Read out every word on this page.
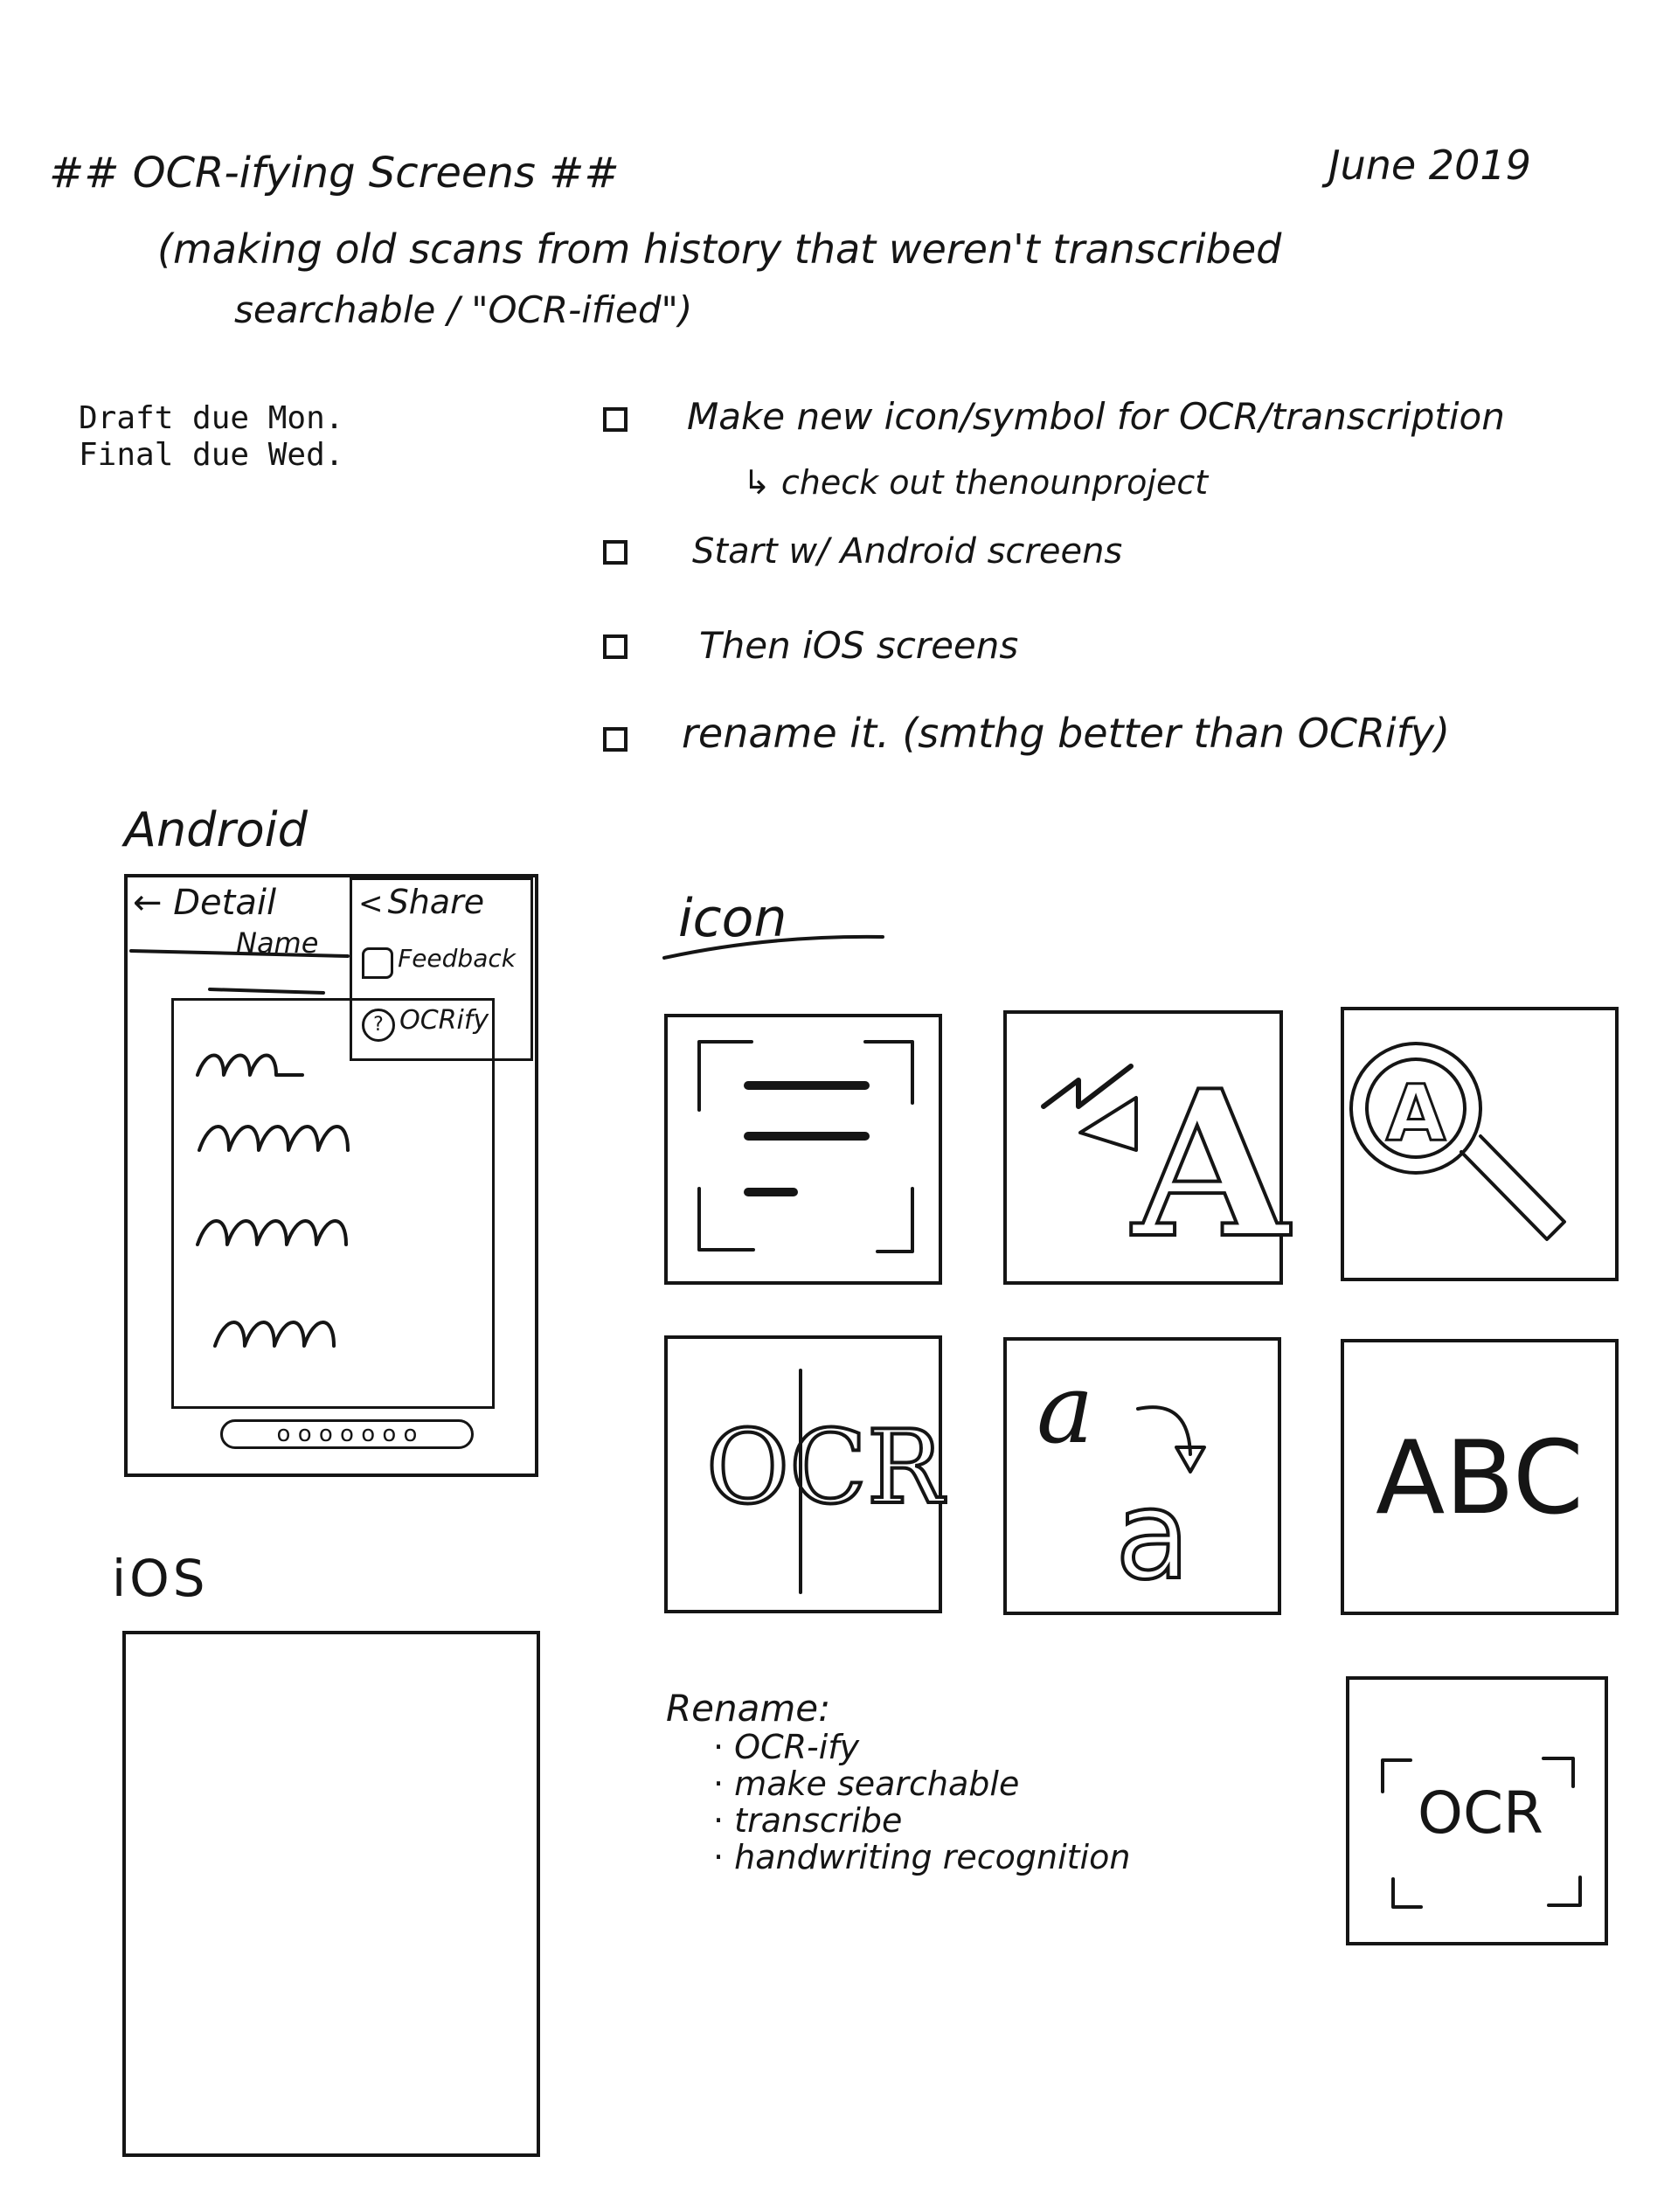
## OCR-ifying Screens ##	June 2019
(making old scans from history that weren't transcribed
searchable / "OCR-ified")
Draft due Mon.
Final due Wed.
Make new icon/symbol for OCR/transcription
↳ check out thenounproject
Start w/ Android screens
Then iOS screens
rename it. (smthg better than OCRify)
Android
← Detail
Name
< Share
Feedback
? OCRify
o o o o o o o
iOS
icon
A A
OCR a
a ABC
Rename:
· OCR-ify
· make searchable
· transcribe
· handwriting recognition
OCR
